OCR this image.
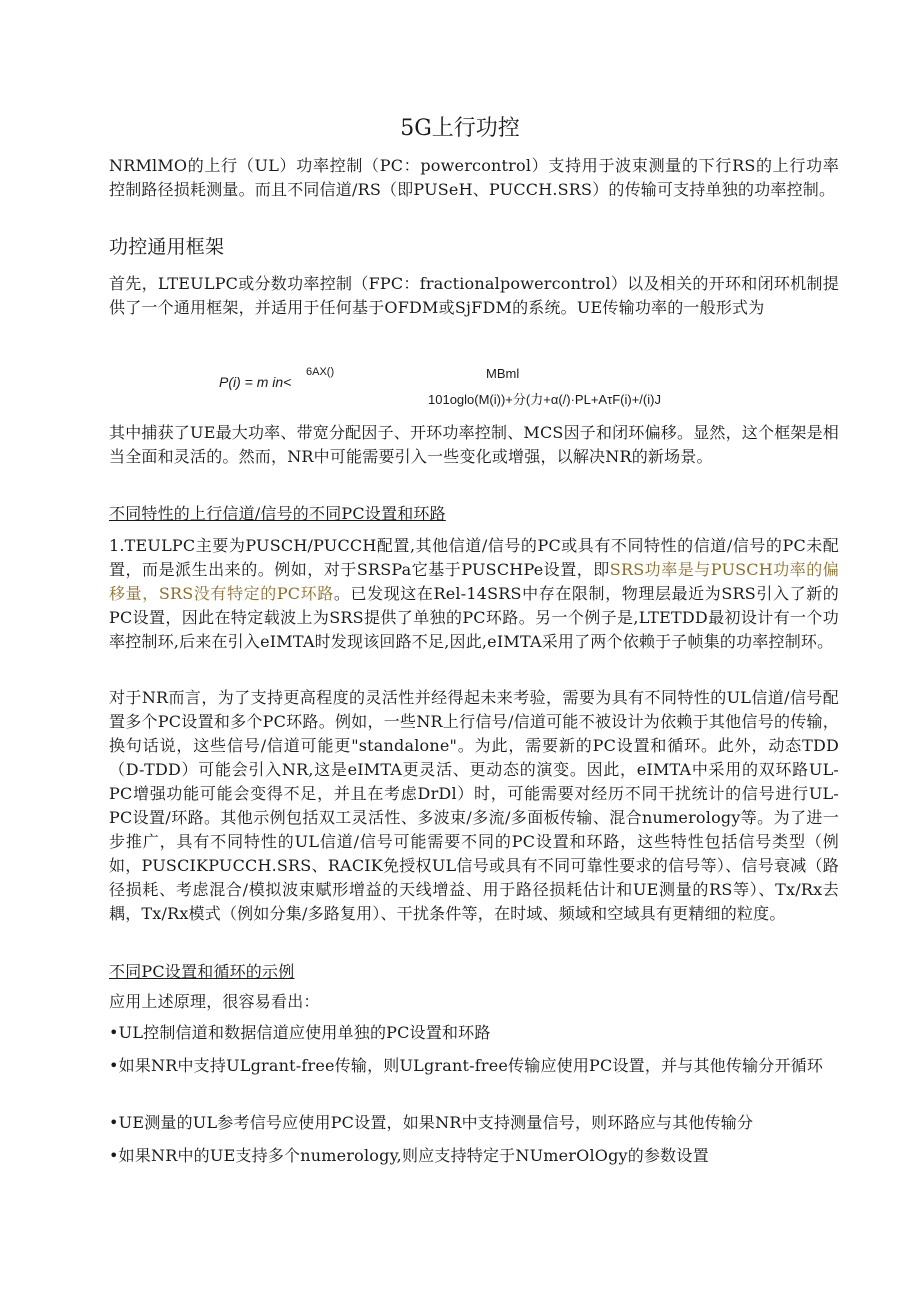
5G上行功控

NRMlMO的上行（UL）功率控制（PC：powercontrol）支持用于波束测量的下行RS的上行功率控制路径损耗测量。而且不同信道/RS（即PUSeH、PUCCH.SRS）的传输可支持单独的功率控制。

功控通用框架

首先，LTEULPC或分数功率控制（FPC：fractionalpowercontrol）以及相关的开环和闭环机制提供了一个通用框架，并适用于任何基于OFDM或SjFDM的系统。UE传输功率的一般形式为

P(i) = m in<
6AX()	MBml
101oglo(M(i))+分(力+α(/)·PL+AτF(i)+/(i)J

其中捕获了UE最大功率、带宽分配因子、开环功率控制、MCS因子和闭环偏移。显然，这个框架是相当全面和灵活的。然而，NR中可能需要引入一些变化或增强，以解决NR的新场景。

不同特性的上行信道/信号的不同PC设置和环路

1.TEULPC主要为PUSCH/PUCCH配置,其他信道/信号的PC或具有不同特性的信道/信号的PC未配置，而是派生出来的。例如，对于SRSPa它基于PUSCHPe设置，即SRS功率是与PUSCH功率的偏移量，SRS没有特定的PC环路。已发现这在Rel-14SRS中存在限制，物理层最近为SRS引入了新的PC设置，因此在特定载波上为SRS提供了单独的PC环路。另一个例子是,LTETDD最初设计有一个功率控制环,后来在引入eIMTA时发现该回路不足,因此,eIMTA采用了两个依赖于子帧集的功率控制环。

对于NR而言，为了支持更高程度的灵活性并经得起未来考验，需要为具有不同特性的UL信道/信号配置多个PC设置和多个PC环路。例如，一些NR上行信号/信道可能不被设计为依赖于其他信号的传输，换句话说，这些信号/信道可能更"standalone"。为此，需要新的PC设置和循环。此外，动态TDD（D-TDD）可能会引入NR,这是eIMTA更灵活、更动态的演变。因此，eIMTA中采用的双环路UL-PC增强功能可能会变得不足，并且在考虑DrDl）时，可能需要对经历不同干扰统计的信号进行UL-PC设置/环路。其他示例包括双工灵活性、多波束/多流/多面板传输、混合numerology等。为了进一步推广，具有不同特性的UL信道/信号可能需要不同的PC设置和环路，这些特性包括信号类型（例如，PUSCIKPUCCH.SRS、RACIK免授权UL信号或具有不同可靠性要求的信号等）、信号衰减（路径损耗、考虑混合/模拟波束赋形增益的天线增益、用于路径损耗估计和UE测量的RS等）、Tx/Rx去耦，Tx/Rx模式（例如分集/多路复用）、干扰条件等，在时域、频域和空域具有更精细的粒度。

不同PC设置和循环的示例

应用上述原理，很容易看出：

•UL控制信道和数据信道应使用单独的PC设置和环路

•如果NR中支持ULgrant-free传输，则ULgrant-free传输应使用PC设置，并与其他传输分开循环

•UE测量的UL参考信号应使用PC设置，如果NR中支持测量信号，则环路应与其他传输分

•如果NR中的UE支持多个numerology,则应支持特定于NUmerOlOgy的参数设置
